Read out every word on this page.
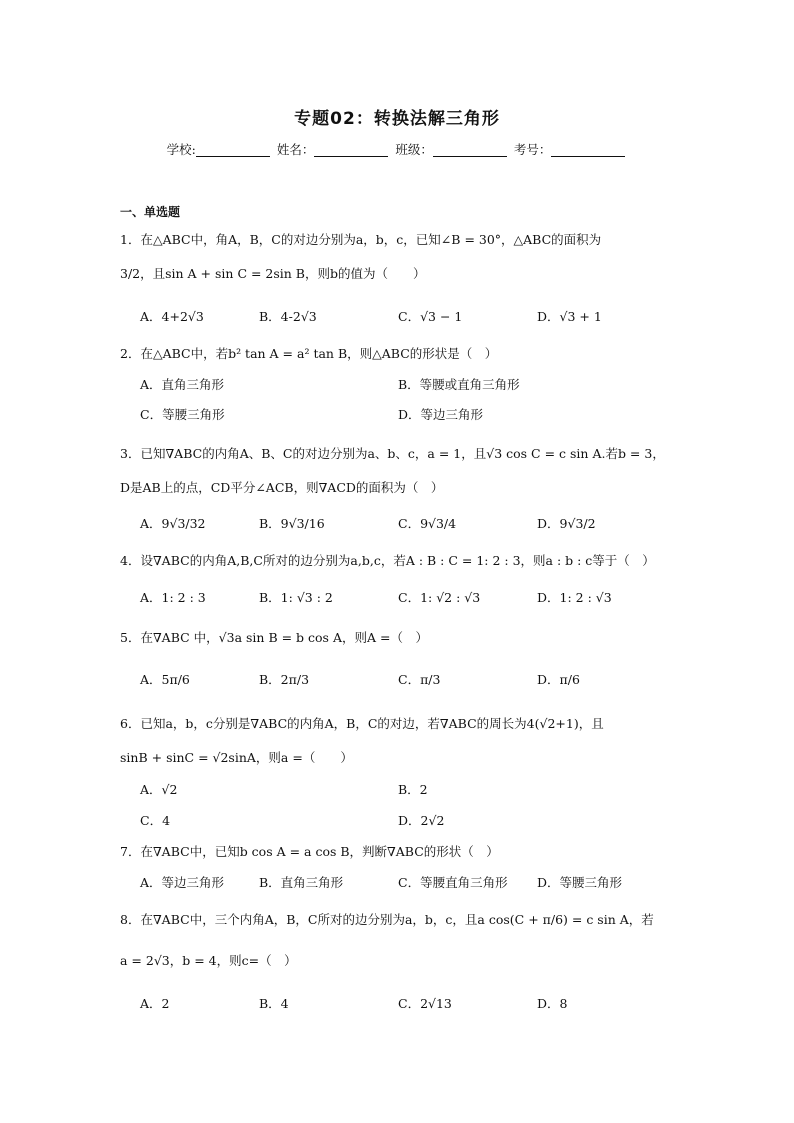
专题02：转换法解三角形
学校:	姓名：	班级：	考号：
一、单选题
1．在△ABC中，角A，B，C的对边分别为a，b，c，已知∠B = 30°，△ABC的面积为
3/2，且sin A + sin C = 2sin B，则b的值为（　　）
A．4+2√3	B．4-2√3	C．√3 − 1	D．√3 + 1
2．在△ABC中，若b² tan A = a² tan B，则△ABC的形状是（　）
A．直角三角形	B．等腰或直角三角形
C．等腰三角形	D．等边三角形
3．已知∇ABC的内角A、B、C的对边分别为a、b、c，a = 1，且√3 cos C = c sin A.若b = 3，
D是AB上的点，CD平分∠ACB，则∇ACD的面积为（　）
A．9√3/32	B．9√3/16	C．9√3/4	D．9√3/2
4．设∇ABC的内角A,B,C所对的边分别为a,b,c，若A : B : C = 1: 2 : 3，则a : b : c等于（　）
A．1: 2 : 3	B．1: √3 : 2	C．1: √2 : √3	D．1: 2 : √3
5．在∇ABC 中，√3a sin B = b cos A，则A =（　）
A．5π/6	B．2π/3	C．π/3	D．π/6
6．已知a，b，c分别是∇ABC的内角A，B，C的对边，若∇ABC的周长为4(√2+1)，且
sinB + sinC = √2sinA，则a =（　　）
A．√2	B．2
C．4	D．2√2
7．在∇ABC中，已知b cos A = a cos B，判断∇ABC的形状（　）
A．等边三角形	B．直角三角形	C．等腰直角三角形 D．等腰三角形
8．在∇ABC中，三个内角A，B，C所对的边分别为a，b，c，且a cos(C + π/6) = c sin A，若
a = 2√3，b = 4，则c=（　）
A．2	B．4	C．2√13	D．8
